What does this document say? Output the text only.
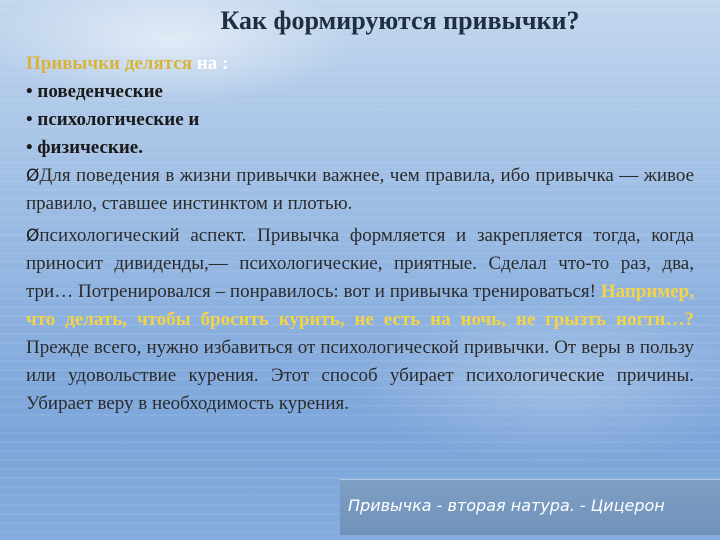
Как формируются привычки?

Привычки делятся на :

• поведенческие
• психологические и
• физические.

ØДля поведения в жизни привычки важнее, чем правила, ибо привычка — живое правило, ставшее инстинктом и плотью.

Øпсихологический аспект. Привычка формляется и закрепляется тогда, когда приносит дивиденды,— психологические, приятные. Сделал что-то раз, два, три… Потренировался – понравилось: вот и привычка тренироваться! Например, что делать, чтобы бросить курить, не есть на ночь, не грызть ногти…? Прежде всего, нужно избавиться от психологической привычки. От веры в пользу или удовольствие курения. Этот способ убирает психологические причины. Убирает веру в необходимость курения.

Привычка - вторая натура. - Цицерон
